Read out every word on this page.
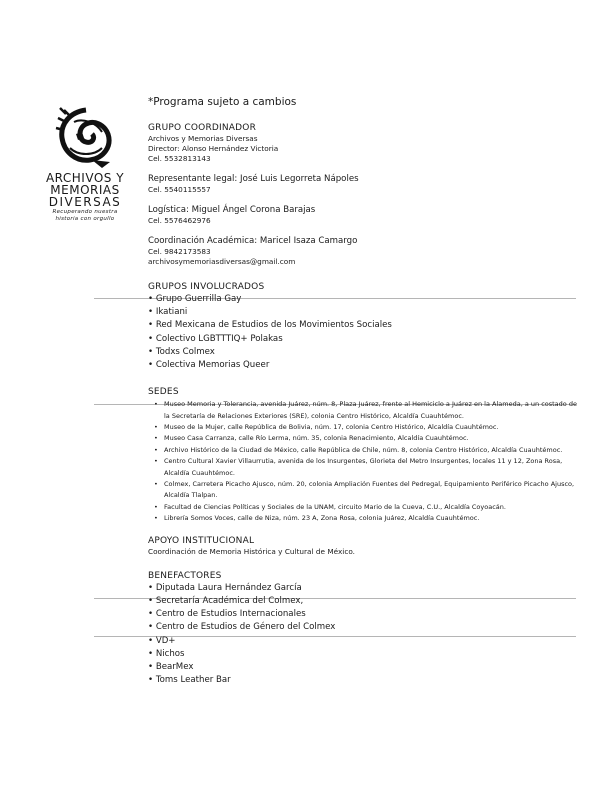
ARCHIVOS Y
MEMORIAS
DIVERSAS
Recuperando nuestra
historia con orgullo
*Programa sujeto a cambios
GRUPO COORDINADOR
Archivos y Memorias Diversas
Director: Alonso Hernández Victoria
Cel. 5532813143
Representante legal: José Luis Legorreta Nápoles
Cel. 5540115557
Logística: Miguel Ángel Corona Barajas
Cel. 5576462976
Coordinación Académica: Maricel Isaza Camargo
Cel. 9842173583
archivosymemoriasdiversas@gmail.com
GRUPOS INVOLUCRADOS
• Grupo Guerrilla Gay
• Ikatiani
• Red Mexicana de Estudios de los Movimientos Sociales
• Colectivo LGBTTTIQ+ Polakas
• Todxs Colmex
• Colectiva Memorias Queer
SEDES
• Museo Memoria y Tolerancia, avenida Juárez, núm. 8, Plaza Juárez, frente al Hemiciclo a Juárez en la Alameda, a un costado de la Secretaría de Relaciones Exteriores (SRE), colonia Centro Histórico, Alcaldía Cuauhtémoc.
• Museo de la Mujer, calle República de Bolivia, núm. 17, colonia Centro Histórico, Alcaldía Cuauhtémoc.
• Museo Casa Carranza, calle Río Lerma, núm. 35, colonia Renacimiento, Alcaldía Cuauhtémoc.
• Archivo Histórico de la Ciudad de México, calle República de Chile, núm. 8, colonia Centro Histórico, Alcaldía Cuauhtémoc.
• Centro Cultural Xavier Villaurrutia, avenida de los Insurgentes, Glorieta del Metro Insurgentes, locales 11 y 12, Zona Rosa, Alcaldía Cuauhtémoc.
• Colmex, Carretera Picacho Ajusco, núm. 20, colonia Ampliación Fuentes del Pedregal, Equipamiento Periférico Picacho Ajusco, Alcaldía Tlalpan.
• Facultad de Ciencias Políticas y Sociales de la UNAM, circuito Mario de la Cueva, C.U., Alcaldía Coyoacán.
• Librería Somos Voces, calle de Niza, núm. 23 A, Zona Rosa, colonia Juárez, Alcaldía Cuauhtémoc.
APOYO INSTITUCIONAL
Coordinación de Memoria Histórica y Cultural de México.
BENEFACTORES
• Diputada Laura Hernández García
• Secretaría Académica del Colmex,
• Centro de Estudios Internacionales
• Centro de Estudios de Género del Colmex
• VD+
• Nichos
• BearMex
• Toms Leather Bar
